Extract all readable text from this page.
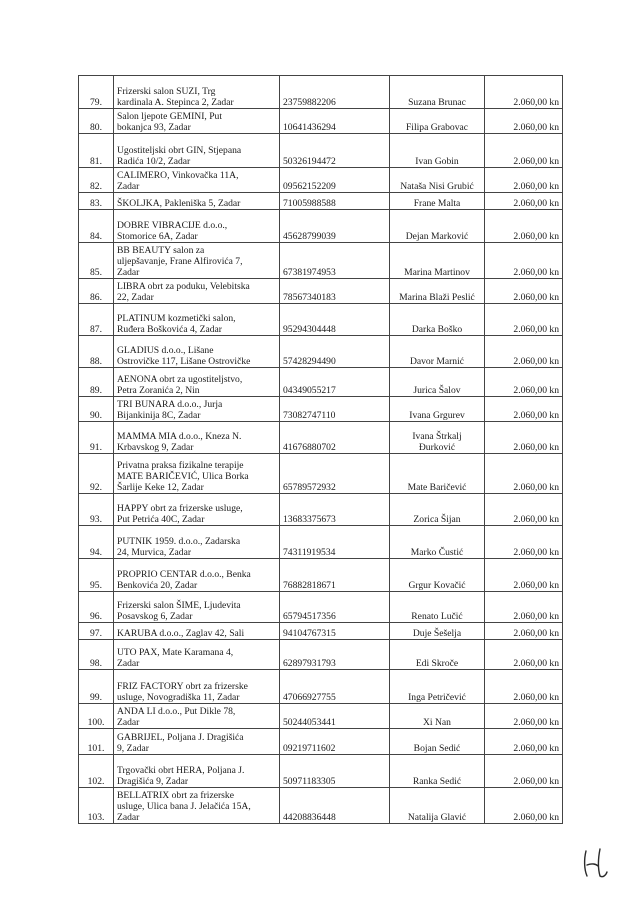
79.	Frizerski salon SUZI, Trg
kardinala A. Stepinca 2, Zadar	23759882206	Suzana Brunac	2.060,00 kn
80.	Salon ljepote GEMINI, Put
bokanjca 93, Zadar	10641436294	Filipa Grabovac	2.060,00 kn
81.	Ugostiteljski obrt GIN, Stjepana
Radića 10/2, Zadar	50326194472	Ivan Gobin	2.060,00 kn
82.	CALIMERO, Vinkovačka 11A,
Zadar	09562152209	Nataša Nisi Grubić	2.060,00 kn
83.	ŠKOLJKA, Pakleniška 5, Zadar	71005988588	Frane Malta	2.060,00 kn
84.	DOBRE VIBRACIJE d.o.o.,
Stomorice 6A, Zadar	45628799039	Dejan Marković	2.060,00 kn
85.	BB BEAUTY salon za
uljepšavanje, Frane Alfirovića 7,
Zadar	67381974953	Marina Martinov	2.060,00 kn
86.	LIBRA obrt za poduku, Velebitska
22, Zadar	78567340183	Marina Blaži Peslić	2.060,00 kn
87.	PLATINUM kozmetički salon,
Ruđera Boškovića 4, Zadar	95294304448	Darka Boško	2.060,00 kn
88.	GLADIUS d.o.o., Lišane
Ostrovičke 117, Lišane Ostrovičke	57428294490	Davor Marnić	2.060,00 kn
89.	AENONA obrt za ugostiteljstvo,
Petra Zoranića 2, Nin	04349055217	Jurica Šalov	2.060,00 kn
90.	TRI BUNARA d.o.o., Jurja
Bijankinija 8C, Zadar	73082747110	Ivana Grgurev	2.060,00 kn
91.	MAMMA MIA d.o.o., Kneza N.
Krbavskog 9, Zadar	41676880702	Ivana Štrkalj
Đurković	2.060,00 kn
92.	Privatna praksa fizikalne terapije
MATE BARIČEVIĆ, Ulica Borka
Šarlije Keke 12, Zadar	65789572932	Mate Baričević	2.060,00 kn
93.	HAPPY obrt za frizerske usluge,
Put Petrića 40C, Zadar	13683375673	Zorica Šijan	2.060,00 kn
94.	PUTNIK 1959. d.o.o., Zadarska
24, Murvica, Zadar	74311919534	Marko Čustić	2.060,00 kn
95.	PROPRIO CENTAR d.o.o., Benka
Benkovića 20, Zadar	76882818671	Grgur Kovačić	2.060,00 kn
96.	Frizerski salon ŠIME, Ljudevita
Posavskog 6, Zadar	65794517356	Renato Lučić	2.060,00 kn
97.	KARUBA d.o.o., Zaglav 42, Sali	94104767315	Duje Šešelja	2.060,00 kn
98.	UTO PAX, Mate Karamana 4,
Zadar	62897931793	Edi Skroče	2.060,00 kn
99.	FRIZ FACTORY obrt za frizerske
usluge, Novogradiška 11, Zadar	47066927755	Inga Petričević	2.060,00 kn
100.	ANDA LI d.o.o., Put Dikle 78,
Zadar	50244053441	Xi Nan	2.060,00 kn
101.	GABRIJEL, Poljana J. Dragišića
9, Zadar	09219711602	Bojan Sedić	2.060,00 kn
102.	Trgovački obrt HERA, Poljana J.
Dragišića 9, Zadar	50971183305	Ranka Sedić	2.060,00 kn
103.	BELLATRIX obrt za frizerske
usluge, Ulica bana J. Jelačića 15A,
Zadar	44208836448	Natalija Glavić	2.060,00 kn
